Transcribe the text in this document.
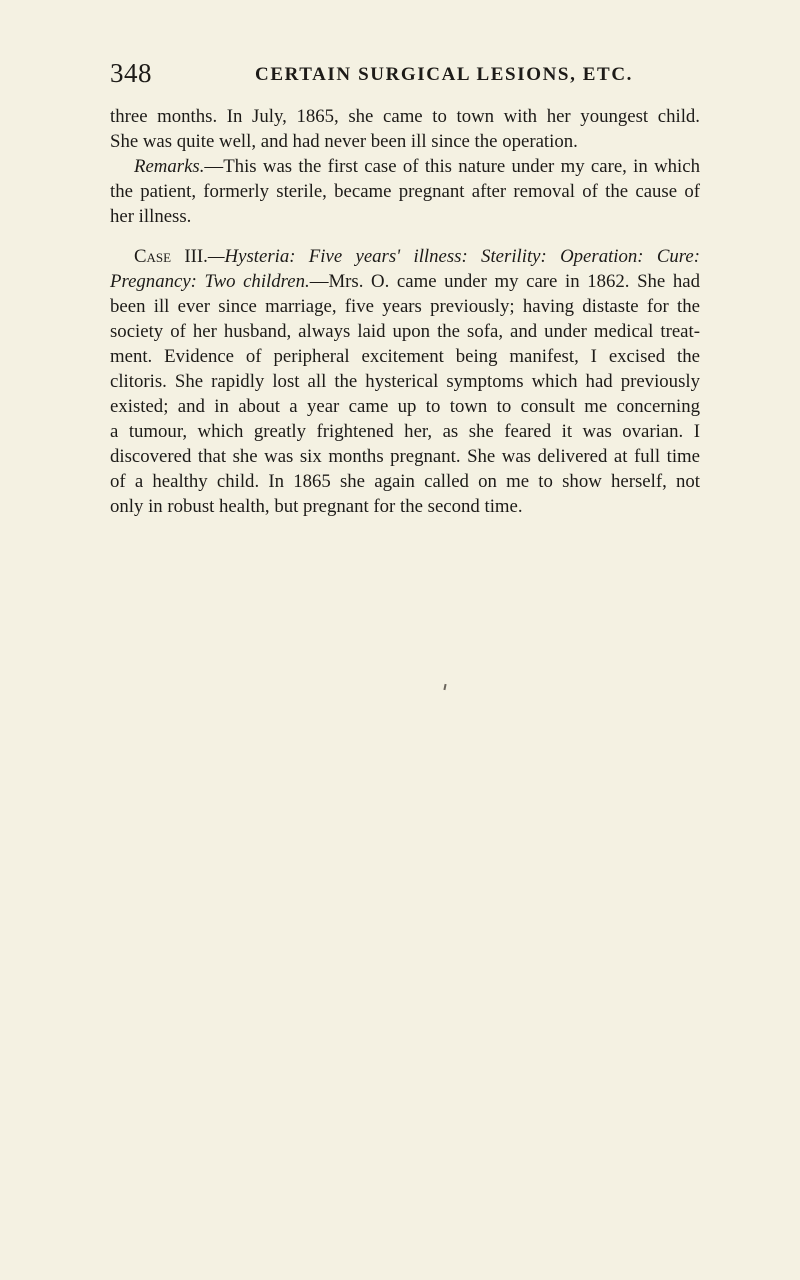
348	CERTAIN SURGICAL LESIONS, ETC.
three months. In July, 1865, she came to town with her youngest child.
She was quite well, and had never been ill since the operation.
Remarks.—This was the first case of this nature under my care, in which
the patient, formerly sterile, became pregnant after removal of the cause of
her illness.
Case III.—Hysteria: Five years' illness: Sterility: Operation: Cure:
Pregnancy: Two children.—Mrs. O. came under my care in 1862. She had
been ill ever since marriage, five years previously; having distaste for the
society of her husband, always laid upon the sofa, and under medical treat-
ment. Evidence of peripheral excitement being manifest, I excised the
clitoris. She rapidly lost all the hysterical symptoms which had previously
existed; and in about a year came up to town to consult me concerning
a tumour, which greatly frightened her, as she feared it was ovarian. I
discovered that she was six months pregnant. She was delivered at full time
of a healthy child. In 1865 she again called on me to show herself, not
only in robust health, but pregnant for the second time.
